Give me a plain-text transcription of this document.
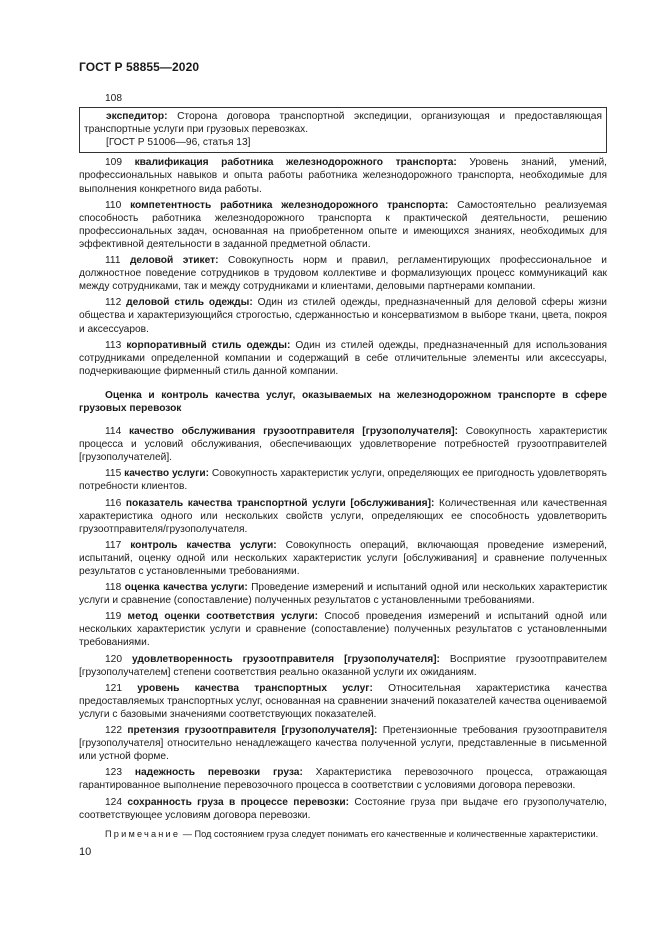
ГОСТ Р 58855—2020

108

экспедитор: Сторона договора транспортной экспедиции, организующая и предоставляющая транспортные услуги при грузовых перевозках.

[ГОСТ Р 51006—96, статья 13]

109 квалификация работника железнодорожного транспорта: Уровень знаний, умений, профессиональных навыков и опыта работы работника железнодорожного транспорта, необходимые для выполнения конкретного вида работы.

110 компетентность работника железнодорожного транспорта: Самостоятельно реализуемая способность работника железнодорожного транспорта к практической деятельности, решению профессиональных задач, основанная на приобретенном опыте и имеющихся знаниях, необходимых для эффективной деятельности в заданной предметной области.

111 деловой этикет: Совокупность норм и правил, регламентирующих профессиональное и должностное поведение сотрудников в трудовом коллективе и формализующих процесс коммуникаций как между сотрудниками, так и между сотрудниками и клиентами, деловыми партнерами компании.

112 деловой стиль одежды: Один из стилей одежды, предназначенный для деловой сферы жизни общества и характеризующийся строгостью, сдержанностью и консерватизмом в выборе ткани, цвета, покроя и аксессуаров.

113 корпоративный стиль одежды: Один из стилей одежды, предназначенный для использования сотрудниками определенной компании и содержащий в себе отличительные элементы или аксессуары, подчеркивающие фирменный стиль данной компании.

Оценка и контроль качества услуг, оказываемых на железнодорожном транспорте в сфере грузовых перевозок

114 качество обслуживания грузоотправителя [грузополучателя]: Совокупность характеристик процесса и условий обслуживания, обеспечивающих удовлетворение потребностей грузоотправителей [грузополучателей].

115 качество услуги: Совокупность характеристик услуги, определяющих ее пригодность удовлетворять потребности клиентов.

116 показатель качества транспортной услуги [обслуживания]: Количественная или качественная характеристика одного или нескольких свойств услуги, определяющих ее способность удовлетворить грузоотправителя/грузополучателя.

117 контроль качества услуги: Совокупность операций, включающая проведение измерений, испытаний, оценку одной или нескольких характеристик услуги [обслуживания] и сравнение полученных результатов с установленными требованиями.

118 оценка качества услуги: Проведение измерений и испытаний одной или нескольких характеристик услуги и сравнение (сопоставление) полученных результатов с установленными требованиями.

119 метод оценки соответствия услуги: Способ проведения измерений и испытаний одной или нескольких характеристик услуги и сравнение (сопоставление) полученных результатов с установленными требованиями.

120 удовлетворенность грузоотправителя [грузополучателя]: Восприятие грузоотправителем [грузополучателем] степени соответствия реально оказанной услуги их ожиданиям.

121 уровень качества транспортных услуг: Относительная характеристика качества предоставляемых транспортных услуг, основанная на сравнении значений показателей качества оцениваемой услуги с базовыми значениями соответствующих показателей.

122 претензия грузоотправителя [грузополучателя]: Претензионные требования грузоотправителя [грузополучателя] относительно ненадлежащего качества полученной услуги, представленные в письменной или устной форме.

123 надежность перевозки груза: Характеристика перевозочного процесса, отражающая гарантированное выполнение перевозочного процесса в соответствии с условиями договора перевозки.

124 сохранность груза в процессе перевозки: Состояние груза при выдаче его грузополучателю, соответствующее условиям договора перевозки.

Примечание — Под состоянием груза следует понимать его качественные и количественные характеристики.

10
